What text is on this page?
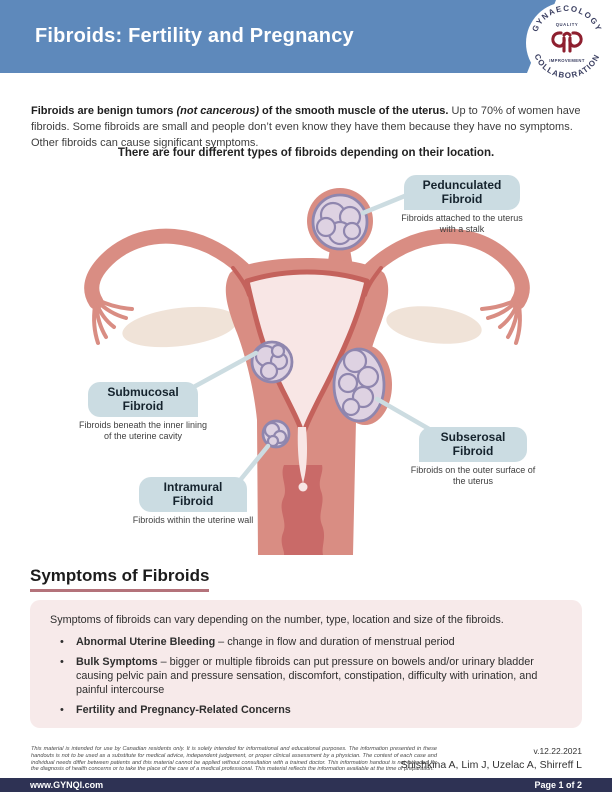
Fibroids: Fertility and Pregnancy	GYNAECOLOGY
COLLABORATION
QUALITY
IMPROVEMENT

Fibroids are benign tumors (not cancerous) of the smooth muscle of the uterus. Up to 70% of women have fibroids. Some fibroids are small and people don’t even know they have them because they have no symptoms. Other fibroids can cause significant symptoms.

There are four different types of fibroids depending on their location.
Pedunculated Fibroid
Fibroids attached to the uterus with a stalk
Submucosal Fibroid
Fibroids beneath the inner lining of the uterine cavity	Subserosal Fibroid
Fibroids on the outer surface of the uterus
Intramural Fibroid
Fibroids within the uterine wall
Symptoms of Fibroids
Symptoms of fibroids can vary depending on the number, type, location and size of the fibroids.
• Abnormal Uterine Bleeding – change in flow and duration of menstrual period
• Bulk Symptoms – bigger or multiple fibroids can put pressure on bowels and/or urinary bladder causing pelvic pain and pressure sensation, discomfort, constipation, difficulty with urination, and painful intercourse
• Fertility and Pregnancy-Related Concerns
This material is intended for use by Canadian residents only. It is solely intended for informational and educational purposes. The information presented in these handouts is not to be used as a substitute for medical advice, independent judgement, or proper clinical assessment by a physician. The context of each case and individual needs differ between patients and this material cannot be applied without consultation with a trained doctor. This information handout is not intended for the diagnosis of health concerns or to take the place of the care of a medical professional. This material reflects the information available at the time of preparation.
v.12.22.2021
Shishkina A, Lim J, Uzelac A, Shirreff L
www.GYNQI.com	Page 1 of 2
